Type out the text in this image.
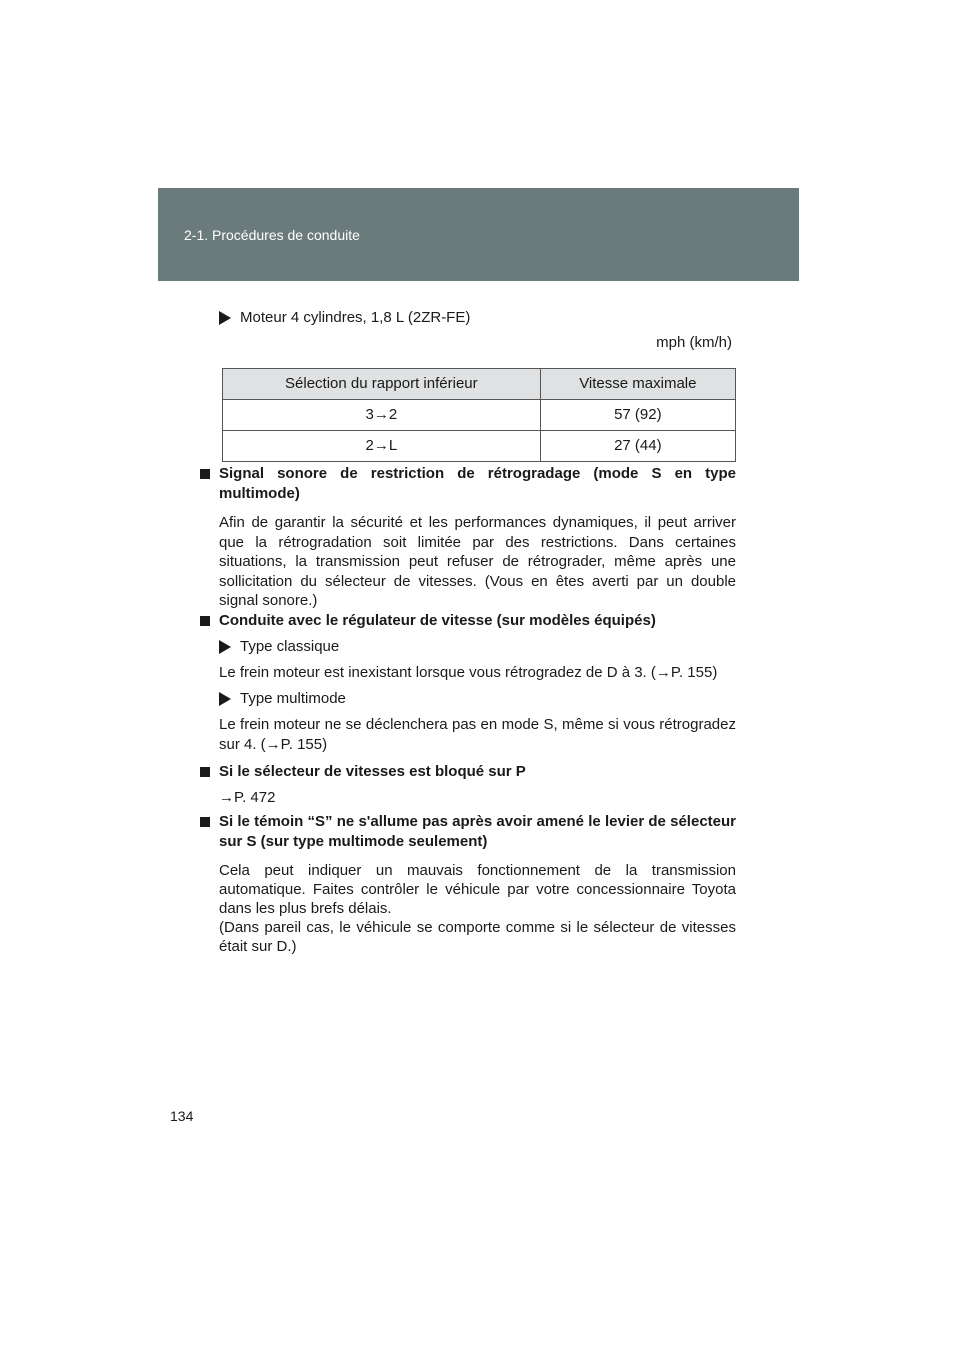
2-1. Procédures de conduite
Moteur 4 cylindres, 1,8 L (2ZR-FE)
mph (km/h)
Sélection du rapport inférieur	Vitesse maximale
3→2	57 (92)
2→L	27 (44)
Signal sonore de restriction de rétrogradage (mode S en type multimode)
Afin de garantir la sécurité et les performances dynamiques, il peut arriver que la rétrogradation soit limitée par des restrictions. Dans certaines situations, la transmission peut refuser de rétrograder, même après une sollicitation du sélecteur de vitesses. (Vous en êtes averti par un double signal sonore.)
Conduite avec le régulateur de vitesse (sur modèles équipés)
Type classique
Le frein moteur est inexistant lorsque vous rétrogradez de D à 3. (→P. 155)
Type multimode
Le frein moteur ne se déclenchera pas en mode S, même si vous rétrogradez sur 4. (→P. 155)
Si le sélecteur de vitesses est bloqué sur P
→P. 472
Si le témoin “S” ne s'allume pas après avoir amené le levier de sélecteur sur S (sur type multimode seulement)
Cela peut indiquer un mauvais fonctionnement de la transmission automatique. Faites contrôler le véhicule par votre concessionnaire Toyota dans les plus brefs délais.
(Dans pareil cas, le véhicule se comporte comme si le sélecteur de vitesses était sur D.)
134
